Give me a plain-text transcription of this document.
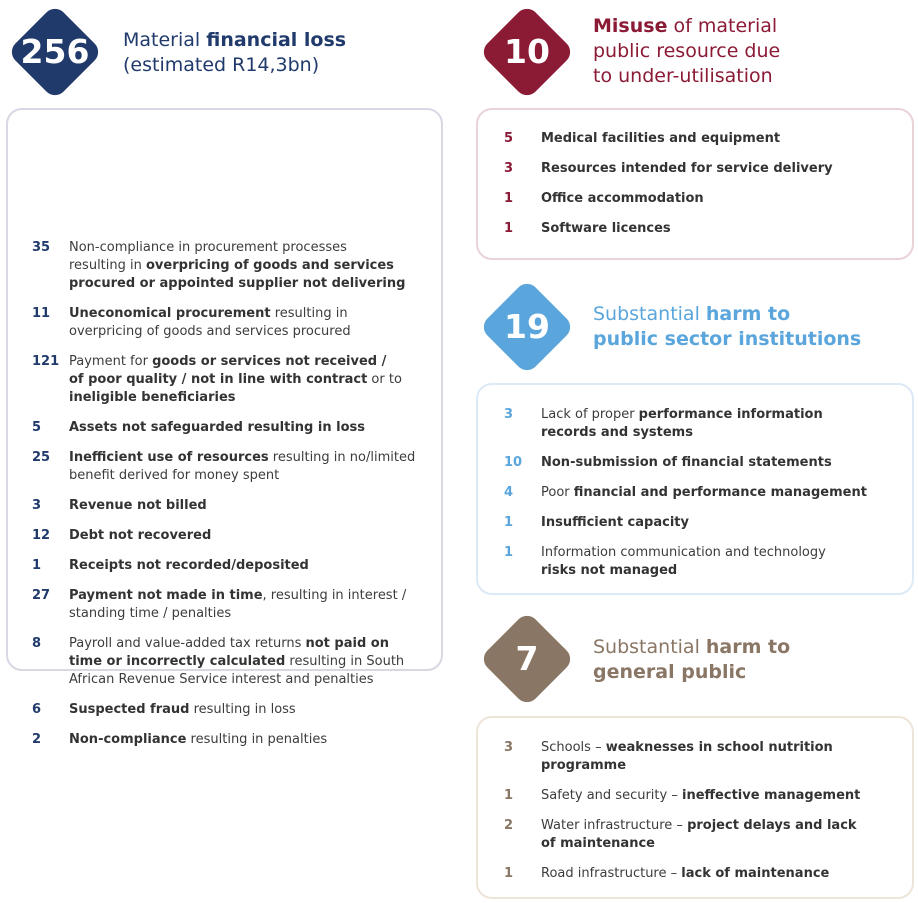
256	Material financial loss
(estimated R14,3bn)
35 Non-compliance in procurement processes
resulting in overpricing of goods and services
procured or appointed supplier not delivering
11 Uneconomical procurement resulting in
overpricing of goods and services procured
121 Payment for goods or services not received /
of poor quality / not in line with contract or to
ineligible beneficiaries
5 Assets not safeguarded resulting in loss
25 Inefficient use of resources resulting in no/limited
benefit derived for money spent
3 Revenue not billed
12 Debt not recovered
1 Receipts not recorded/deposited
27 Payment not made in time, resulting in interest /
standing time / penalties
8 Payroll and value-added tax returns not paid on
time or incorrectly calculated resulting in South
African Revenue Service interest and penalties
6 Suspected fraud resulting in loss
2 Non-compliance resulting in penalties
10
Misuse of material
public resource due
to under-utilisation
5 Medical facilities and equipment
3 Resources intended for service delivery
1 Office accommodation
1 Software licences
19	Substantial harm to
public sector institutions
3 Lack of proper performance information
records and systems
10 Non-submission of financial statements
4 Poor financial and performance management
1 Insufficient capacity
1 Information communication and technology
risks not managed
7	Substantial harm to
general public
3 Schools – weaknesses in school nutrition
programme
1 Safety and security – ineffective management
2 Water infrastructure – project delays and lack
of maintenance
1 Road infrastructure – lack of maintenance
